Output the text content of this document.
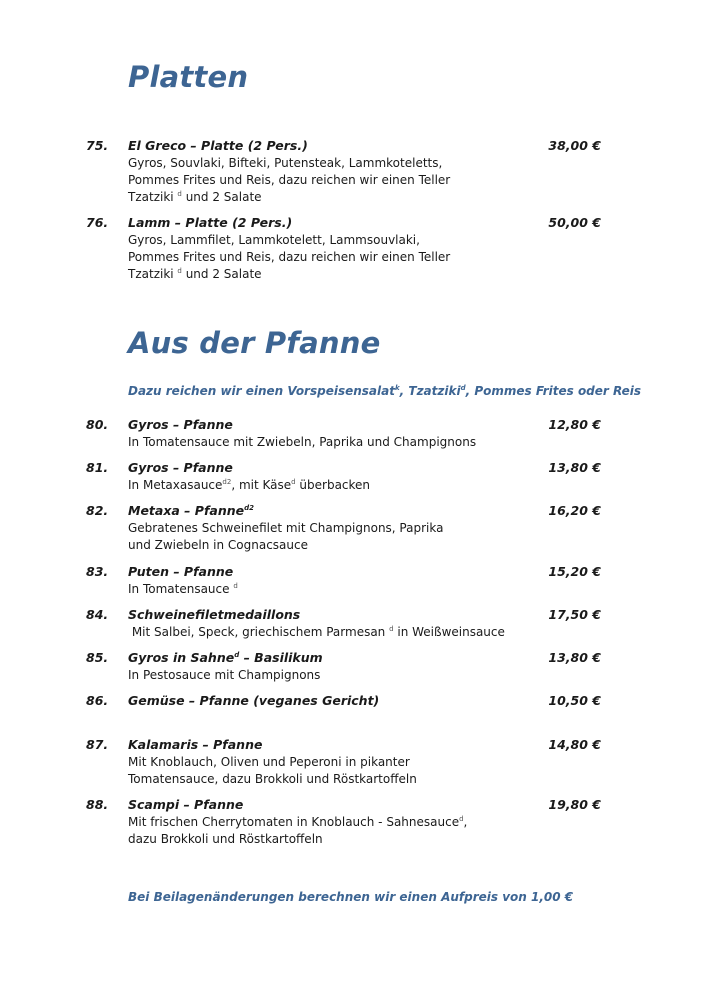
Platten
75. El Greco – Platte (2 Pers.)	38,00 €
Gyros, Souvlaki, Bifteki, Putensteak, Lammkoteletts,
Pommes Frites und Reis, dazu reichen wir einen Teller
Tzatziki $^d$ und 2 Salate
76. Lamm – Platte (2 Pers.)	50,00 €
Gyros, Lammfilet, Lammkotelett, Lammsouvlaki,
Pommes Frites und Reis, dazu reichen wir einen Teller
Tzatziki $^d$ und 2 Salate
Aus der Pfanne
Dazu reichen wir einen Vorspeisensalat$^k$, Tzatziki$^d$, Pommes Frites oder Reis
80. Gyros – Pfanne	12,80 €
In Tomatensauce mit Zwiebeln, Paprika und Champignons
81. Gyros – Pfanne	13,80 €
In Metaxasauce$^{d2}$, mit Käse$^d$ überbacken
82. Metaxa – Pfanne$^{d2}$	16,20 €
Gebratenes Schweinefilet mit Champignons, Paprika
und Zwiebeln in Cognacsauce
83. Puten – Pfanne	15,20 €
In Tomatensauce $^d$
84. Schweinefiletmedaillons	17,50 €
Mit Salbei, Speck, griechischem Parmesan $^d$ in Weißweinsauce
85. Gyros in Sahne$^d$ – Basilikum	13,80 €
In Pestosauce mit Champignons
86. Gemüse – Pfanne (veganes Gericht)	10,50 €
87. Kalamaris – Pfanne	14,80 €
Mit Knoblauch, Oliven und Peperoni in pikanter
Tomatensauce, dazu Brokkoli und Röstkartoffeln
88. Scampi – Pfanne	19,80 €
Mit frischen Cherrytomaten in Knoblauch - Sahnesauce$^d$,
dazu Brokkoli und Röstkartoffeln
Bei Beilagenänderungen berechnen wir einen Aufpreis von 1,00 €
